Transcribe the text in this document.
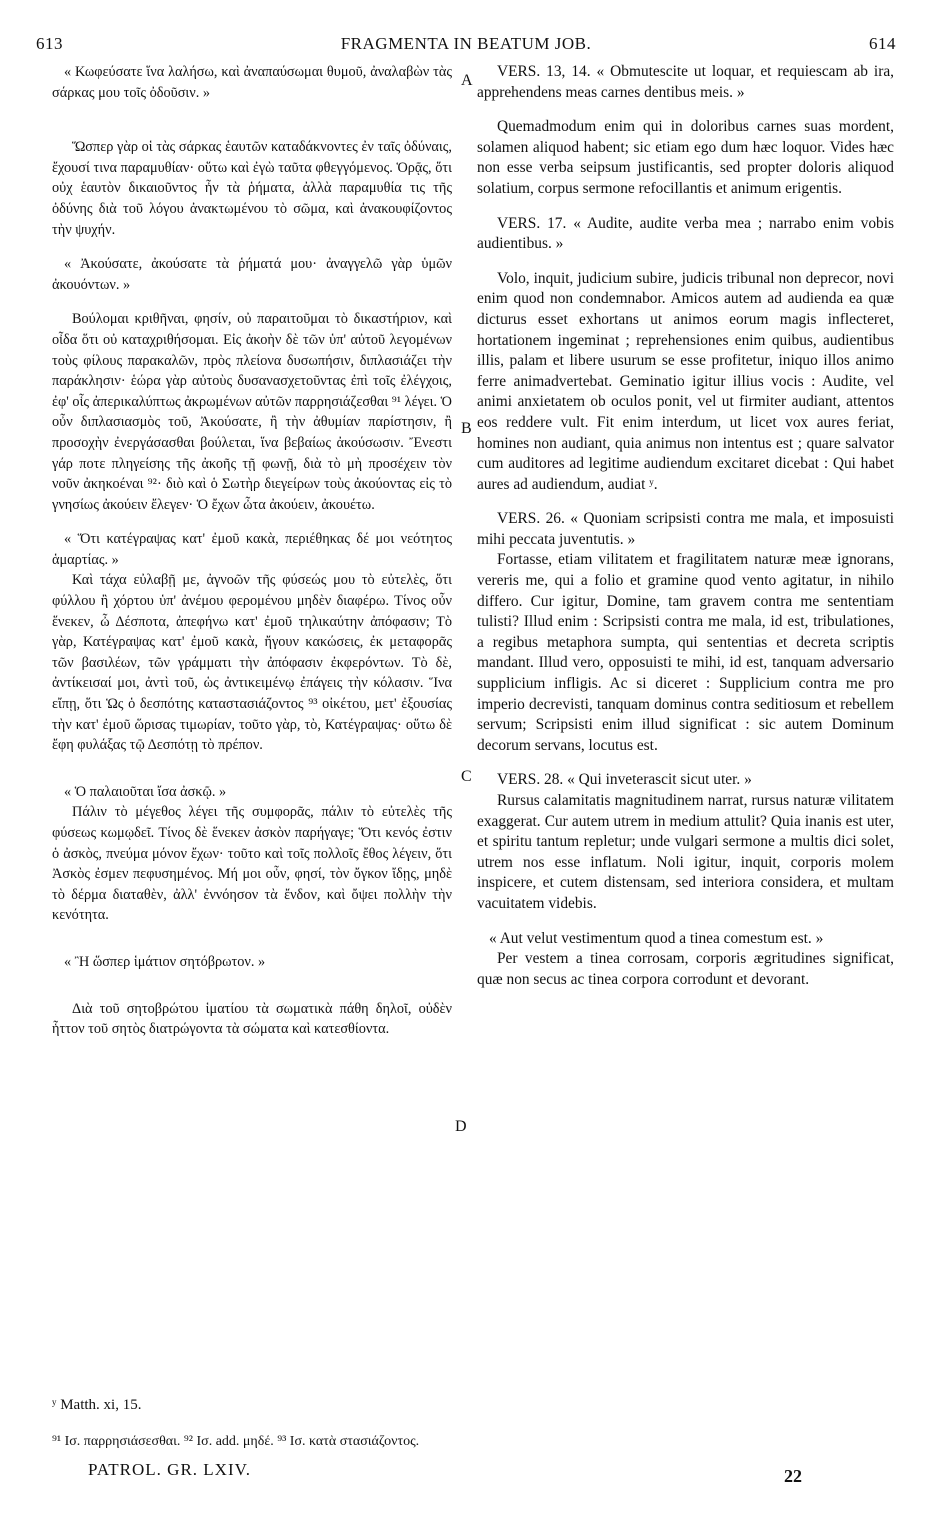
613	FRAGMENTA IN BEATUM JOB.	614

« Κωφεύσατε ἵνα λαλήσω, καὶ ἀναπαύσωμαι θυμοῦ, ἀναλαβὼν τὰς σάρκας μου τοῖς ὀδοῦσιν. »

Ὥσπερ γὰρ οἱ τὰς σάρκας ἑαυτῶν καταδάκνοντες ἐν ταῖς ὀδύναις, ἔχουσί τινα παραμυθίαν· οὕτω καὶ ἐγὼ ταῦτα φθεγγόμενος. Ὁρᾷς, ὅτι οὐχ ἑαυτὸν δικαιοῦντος ἦν τὰ ῥήματα, ἀλλὰ παραμυθία τις τῆς ὀδύνης διὰ τοῦ λόγου ἀνακτωμένου τὸ σῶμα, καὶ ἀνακουφίζοντος τὴν ψυχήν.

« Ἀκούσατε, ἀκούσατε τὰ ῥήματά μου· ἀναγγελῶ γὰρ ὑμῶν ἀκουόντων. »

Βούλομαι κριθῆναι, φησίν, οὐ παραιτοῦμαι τὸ δικαστήριον, καὶ οἶδα ὅτι οὐ καταχριθήσομαι. Εἰς ἀκοὴν δὲ τῶν ὑπ' αὐτοῦ λεγομένων τοὺς φίλους παρακαλῶν, πρὸς πλείονα δυσωπήσιν, διπλασιάζει τὴν παράκλησιν· ἑώρα γὰρ αὐτοὺς δυσανασχετοῦντας ἐπὶ τοῖς ἐλέγχοις, ἐφ' οἷς ἀπερικαλύπτως ἀκρωμένων αὐτῶν παρρησιάζεσθαι ⁹¹ λέγει. Ὁ οὖν διπλασιασμὸς τοῦ, Ἀκούσατε, ἢ τὴν ἀθυμίαν παρίστησιν, ἢ προσοχὴν ἐνεργάσασθαι βούλεται, ἵνα βεβαίως ἀκούσωσιν. Ἔνεστι γάρ ποτε πληγείσης τῆς ἀκοῆς τῇ φωνῇ, διὰ τὸ μὴ προσέχειν τὸν νοῦν ἀκηκοέναι ⁹²· διὸ καὶ ὁ Σωτὴρ διεγείρων τοὺς ἀκούοντας εἰς τὸ γνησίως ἀκούειν ἔλεγεν· Ὁ ἔχων ὦτα ἀκούειν, ἀκουέτω.

« Ὅτι κατέγραψας κατ' ἐμοῦ κακὰ, περιέθηκας δέ μοι νεότητος ἁμαρτίας. »

Καὶ τάχα εὐλαβῇ με, ἀγνοῶν τῆς φύσεώς μου τὸ εὐτελὲς, ὅτι φύλλου ἢ χόρτου ὑπ' ἀνέμου φερομένου μηδὲν διαφέρω. Τίνος οὖν ἕνεκεν, ὦ Δέσποτα, ἀπεφήνω κατ' ἐμοῦ τηλικαύτην ἀπόφασιν; Τὸ γὰρ, Κατέγραψας κατ' ἐμοῦ κακὰ, ἤγουν κακώσεις, ἐκ μεταφορᾶς τῶν βασιλέων, τῶν γράμματι τὴν ἀπόφασιν ἐκφερόντων. Τὸ δὲ, ἀντίκεισαί μοι, ἀντὶ τοῦ, ὡς ἀντικειμένῳ ἐπάγεις τὴν κόλασιν. Ἵνα εἴπῃ, ὅτι Ὡς ὁ δεσπότης καταστασιάζοντος ⁹³ οἰκέτου, μετ' ἐξουσίας τὴν κατ' ἐμοῦ ὥρισας τιμωρίαν, τοῦτο γὰρ, τὸ, Κατέγραψας· οὕτω δὲ ἔφη φυλάξας τῷ Δεσπότῃ τὸ πρέπον.

« Ὁ παλαιοῦται ἴσα ἀσκῷ. »

Πάλιν τὸ μέγεθος λέγει τῆς συμφορᾶς, πάλιν τὸ εὐτελὲς τῆς φύσεως κωμῳδεῖ. Τίνος δὲ ἕνεκεν ἀσκὸν παρήγαγε; Ὅτι κενός ἐστιν ὁ ἀσκὸς, πνεύμα μόνον ἔχων· τοῦτο καὶ τοῖς πολλοῖς ἔθος λέγειν, ὅτι Ἀσκὸς ἐσμεν πεφυσημένος. Μή μοι οὖν, φησί, τὸν ὄγκον ἴδῃς, μηδὲ τὸ δέρμα διαταθὲν, ἀλλ' ἐννόησον τὰ ἔνδον, καὶ ὄψει πολλὴν τὴν κενότητα.

« Ἢ ὥσπερ ἱμάτιον σητόβρωτον. »

Διὰ τοῦ σητοβρώτου ἱματίου τὰ σωματικὰ πάθη δηλοῖ, οὐδὲν ἧττον τοῦ σητὸς διατρώγοντα τὰ σώματα καὶ κατεσθίοντα.

VERS. 13, 14. « Obmutescite ut loquar, et requiescam ab ira, apprehendens meas carnes dentibus meis. »

Quemadmodum enim qui in doloribus carnes suas mordent, solamen aliquod habent; sic etiam ego dum hæc loquor. Vides hæc non esse verba seipsum justificantis, sed propter doloris aliquod solatium, corpus sermone refocillantis et animum erigentis.

VERS. 17. « Audite, audite verba mea ; narrabo enim vobis audientibus. »

Volo, inquit, judicium subire, judicis tribunal non deprecor, novi enim quod non condemnabor. Amicos autem ad audienda ea quæ dicturus esset exhortans ut animos eorum magis inflecteret, hortationem ingeminat ; reprehensiones enim quibus, audientibus illis, palam et libere usurum se esse profitetur, iniquo illos animo ferre animadvertebat. Geminatio igitur illius vocis : Audite, vel animi anxietatem ob oculos ponit, vel ut firmiter audiant, attentos eos reddere vult. Fit enim interdum, ut licet vox aures feriat, homines non audiant, quia animus non intentus est ; quare salvator cum auditores ad legitime audiendum excitaret dicebat : Qui habet aures ad audiendum, audiat ʸ.

VERS. 26. « Quoniam scripsisti contra me mala, et imposuisti mihi peccata juventutis. »

Fortasse, etiam vilitatem et fragilitatem naturæ meæ ignorans, vereris me, qui a folio et gramine quod vento agitatur, in nihilo differo. Cur igitur, Domine, tam gravem contra me sententiam tulisti? Illud enim : Scripsisti contra me mala, id est, tribulationes, a regibus metaphora sumpta, qui sententias et decreta scriptis mandant. Illud vero, opposuisti te mihi, id est, tanquam adversario supplicium infligis. Ac si diceret : Supplicium contra me pro imperio decrevisti, tanquam dominus contra seditiosum et rebellem servum; Scripsisti enim illud significat : sic autem Dominum decorum servans, locutus est.

VERS. 28. « Qui inveterascit sicut uter. »

Rursus calamitatis magnitudinem narrat, rursus naturæ vilitatem exaggerat. Cur autem utrem in medium attulit? Quia inanis est uter, et spiritu tantum repletur; unde vulgari sermone a multis dici solet, utrem nos esse inflatum. Noli igitur, inquit, corporis molem inspicere, et cutem distensam, sed interiora considera, et multam vacuitatem videbis.

« Aut velut vestimentum quod a tinea comestum est. »

Per vestem a tinea corrosam, corporis ægritudines significat, quæ non secus ac tinea corpora corrodunt et devorant.

A
B
C
D
ʸ Matth. xi, 15.
⁹¹ Ισ. παρρησιάσεσθαι. ⁹² Ισ. add. μηδέ. ⁹³ Ισ. κατὰ στασιάζοντος.
PATROL. GR. LXIV.	22
